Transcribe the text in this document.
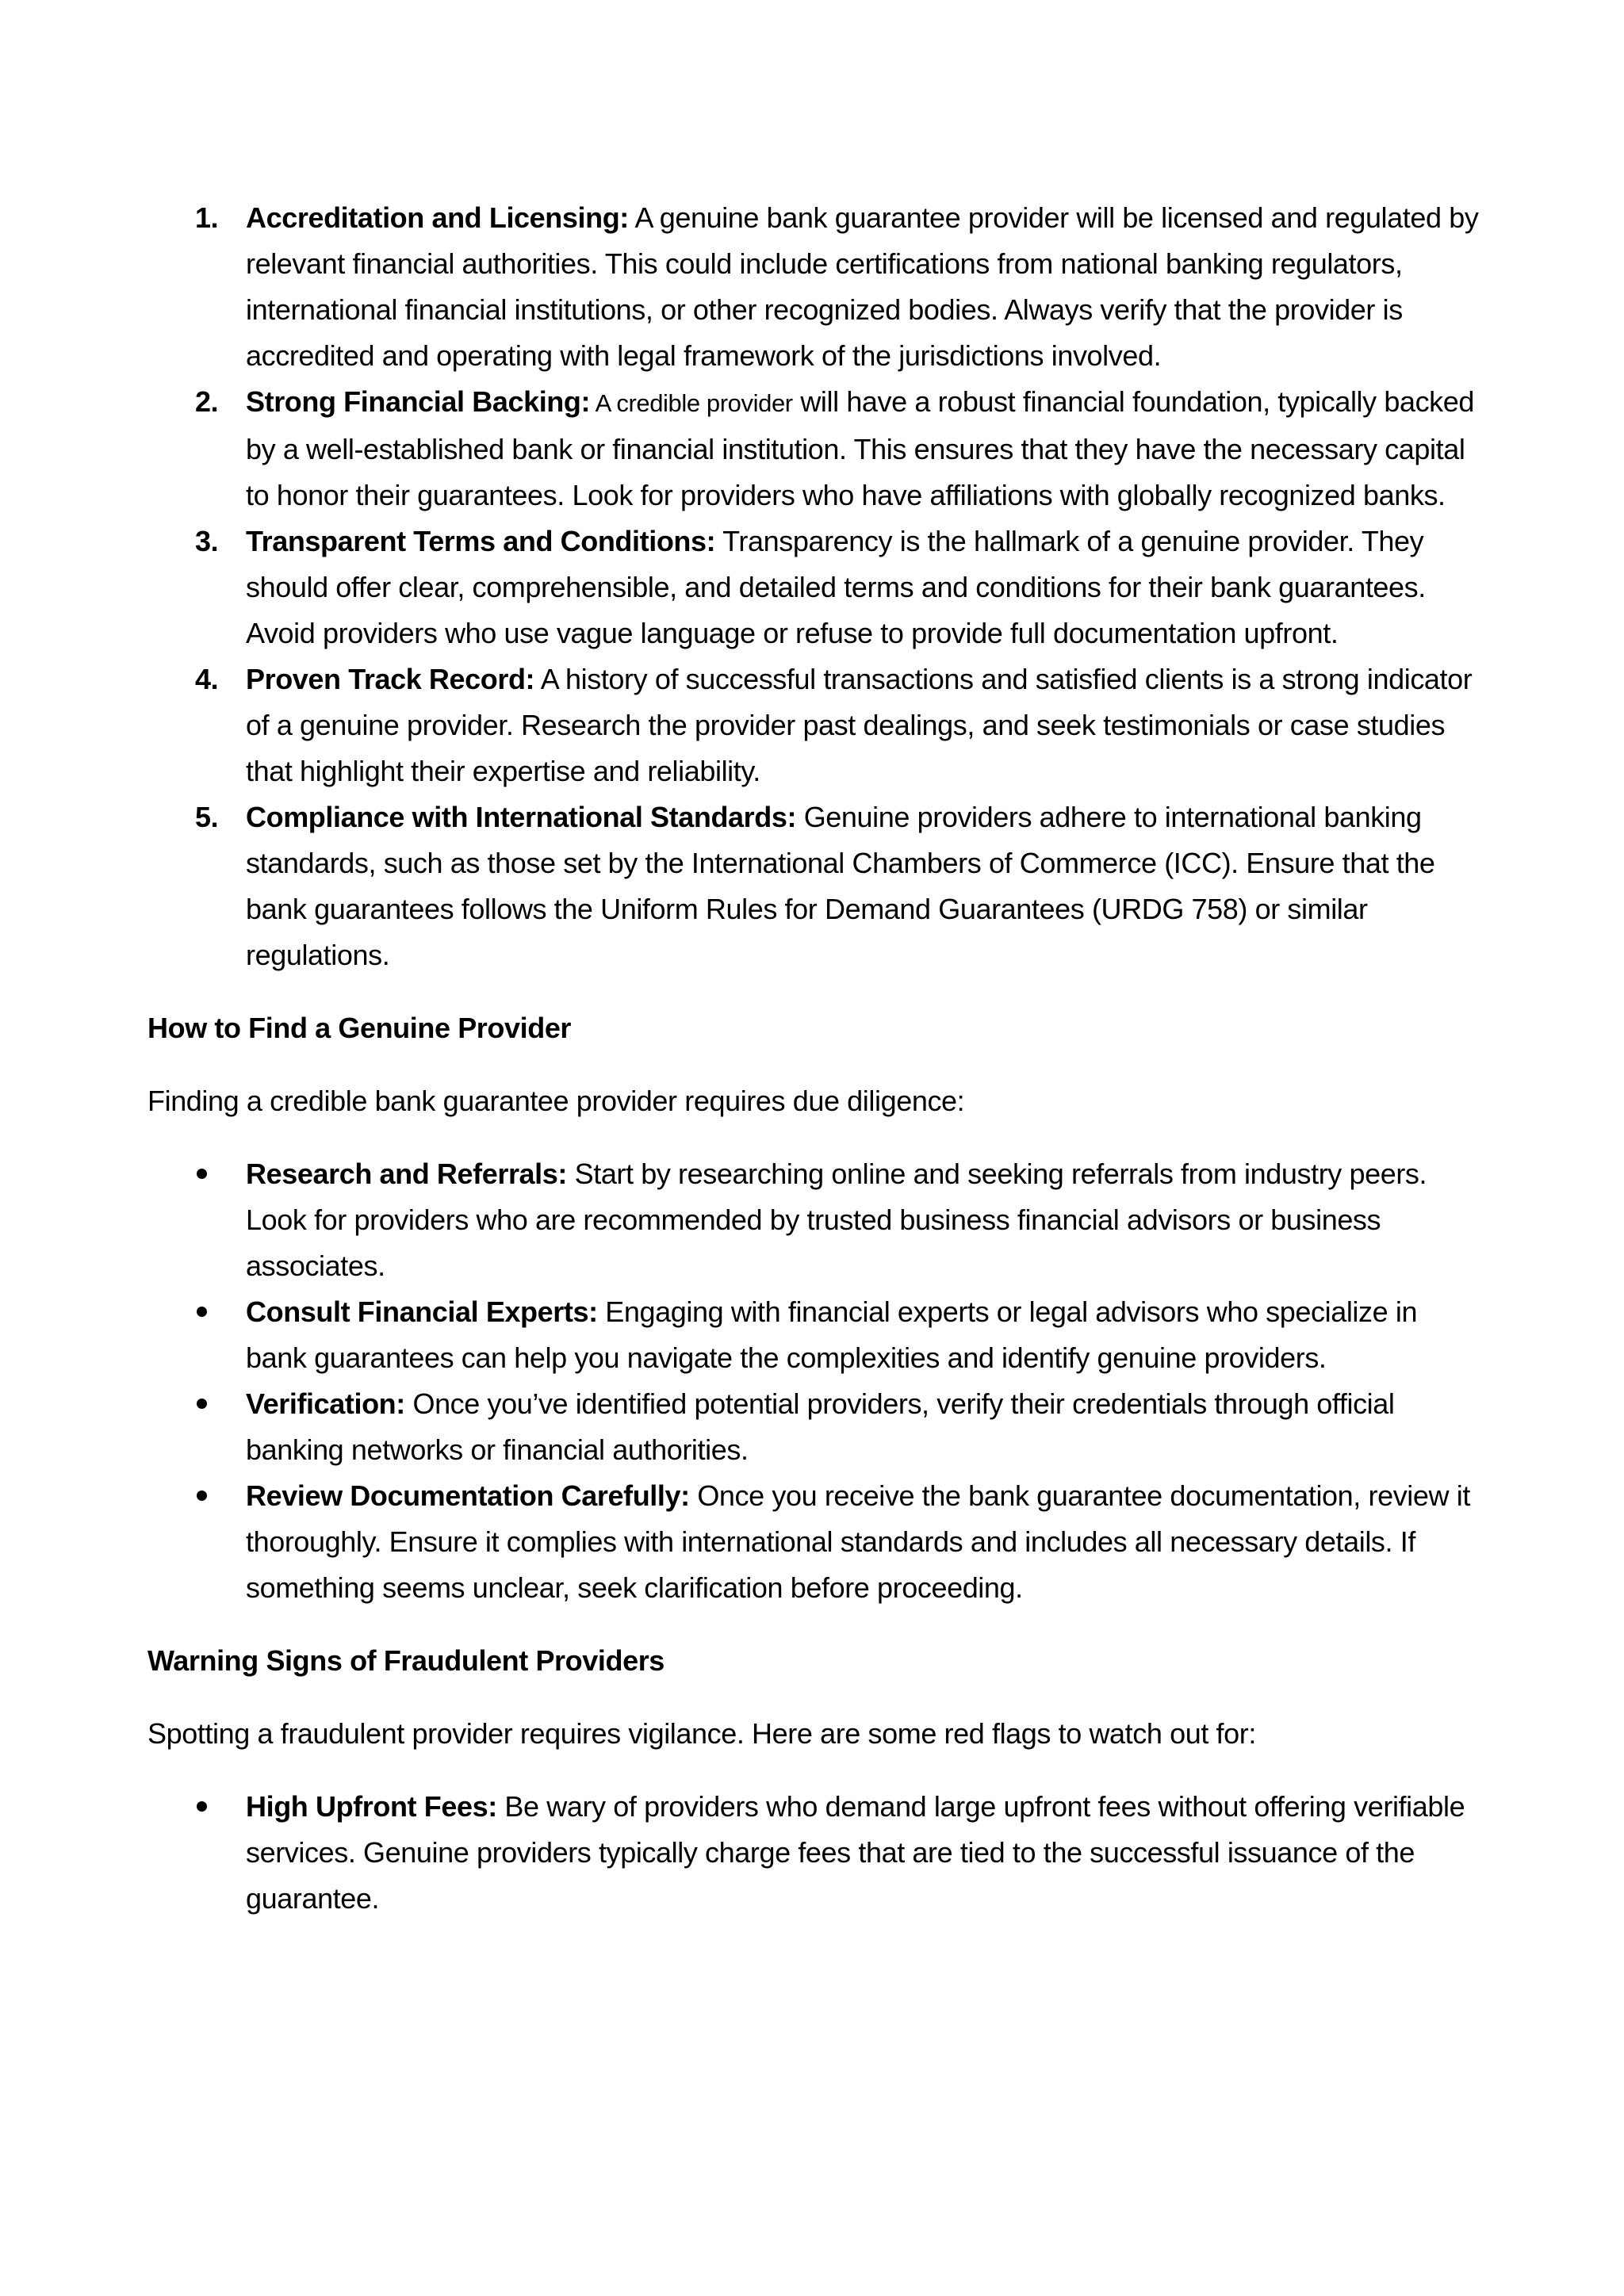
1. Accreditation and Licensing: A genuine bank guarantee provider will be licensed and regulated by relevant financial authorities. This could include certifications from national banking regulators, international financial institutions, or other recognized bodies. Always verify that the provider is accredited and operating with legal framework of the jurisdictions involved.
2. Strong Financial Backing: A credible provider will have a robust financial foundation, typically backed by a well-established bank or financial institution. This ensures that they have the necessary capital to honor their guarantees. Look for providers who have affiliations with globally recognized banks.
3. Transparent Terms and Conditions: Transparency is the hallmark of a genuine provider. They should offer clear, comprehensible, and detailed terms and conditions for their bank guarantees. Avoid providers who use vague language or refuse to provide full documentation upfront.
4. Proven Track Record: A history of successful transactions and satisfied clients is a strong indicator of a genuine provider. Research the provider past dealings, and seek testimonials or case studies that highlight their expertise and reliability.
5. Compliance with International Standards: Genuine providers adhere to international banking standards, such as those set by the International Chambers of Commerce (ICC). Ensure that the bank guarantees follows the Uniform Rules for Demand Guarantees (URDG 758) or similar regulations.

How to Find a Genuine Provider

Finding a credible bank guarantee provider requires due diligence:

Research and Referrals: Start by researching online and seeking referrals from industry peers. Look for providers who are recommended by trusted business financial advisors or business associates.
Consult Financial Experts: Engaging with financial experts or legal advisors who specialize in bank guarantees can help you navigate the complexities and identify genuine providers.
Verification: Once you’ve identified potential providers, verify their credentials through official banking networks or financial authorities.
Review Documentation Carefully: Once you receive the bank guarantee documentation, review it thoroughly. Ensure it complies with international standards and includes all necessary details. If something seems unclear, seek clarification before proceeding.

Warning Signs of Fraudulent Providers

Spotting a fraudulent provider requires vigilance. Here are some red flags to watch out for:

High Upfront Fees: Be wary of providers who demand large upfront fees without offering verifiable services. Genuine providers typically charge fees that are tied to the successful issuance of the guarantee.
